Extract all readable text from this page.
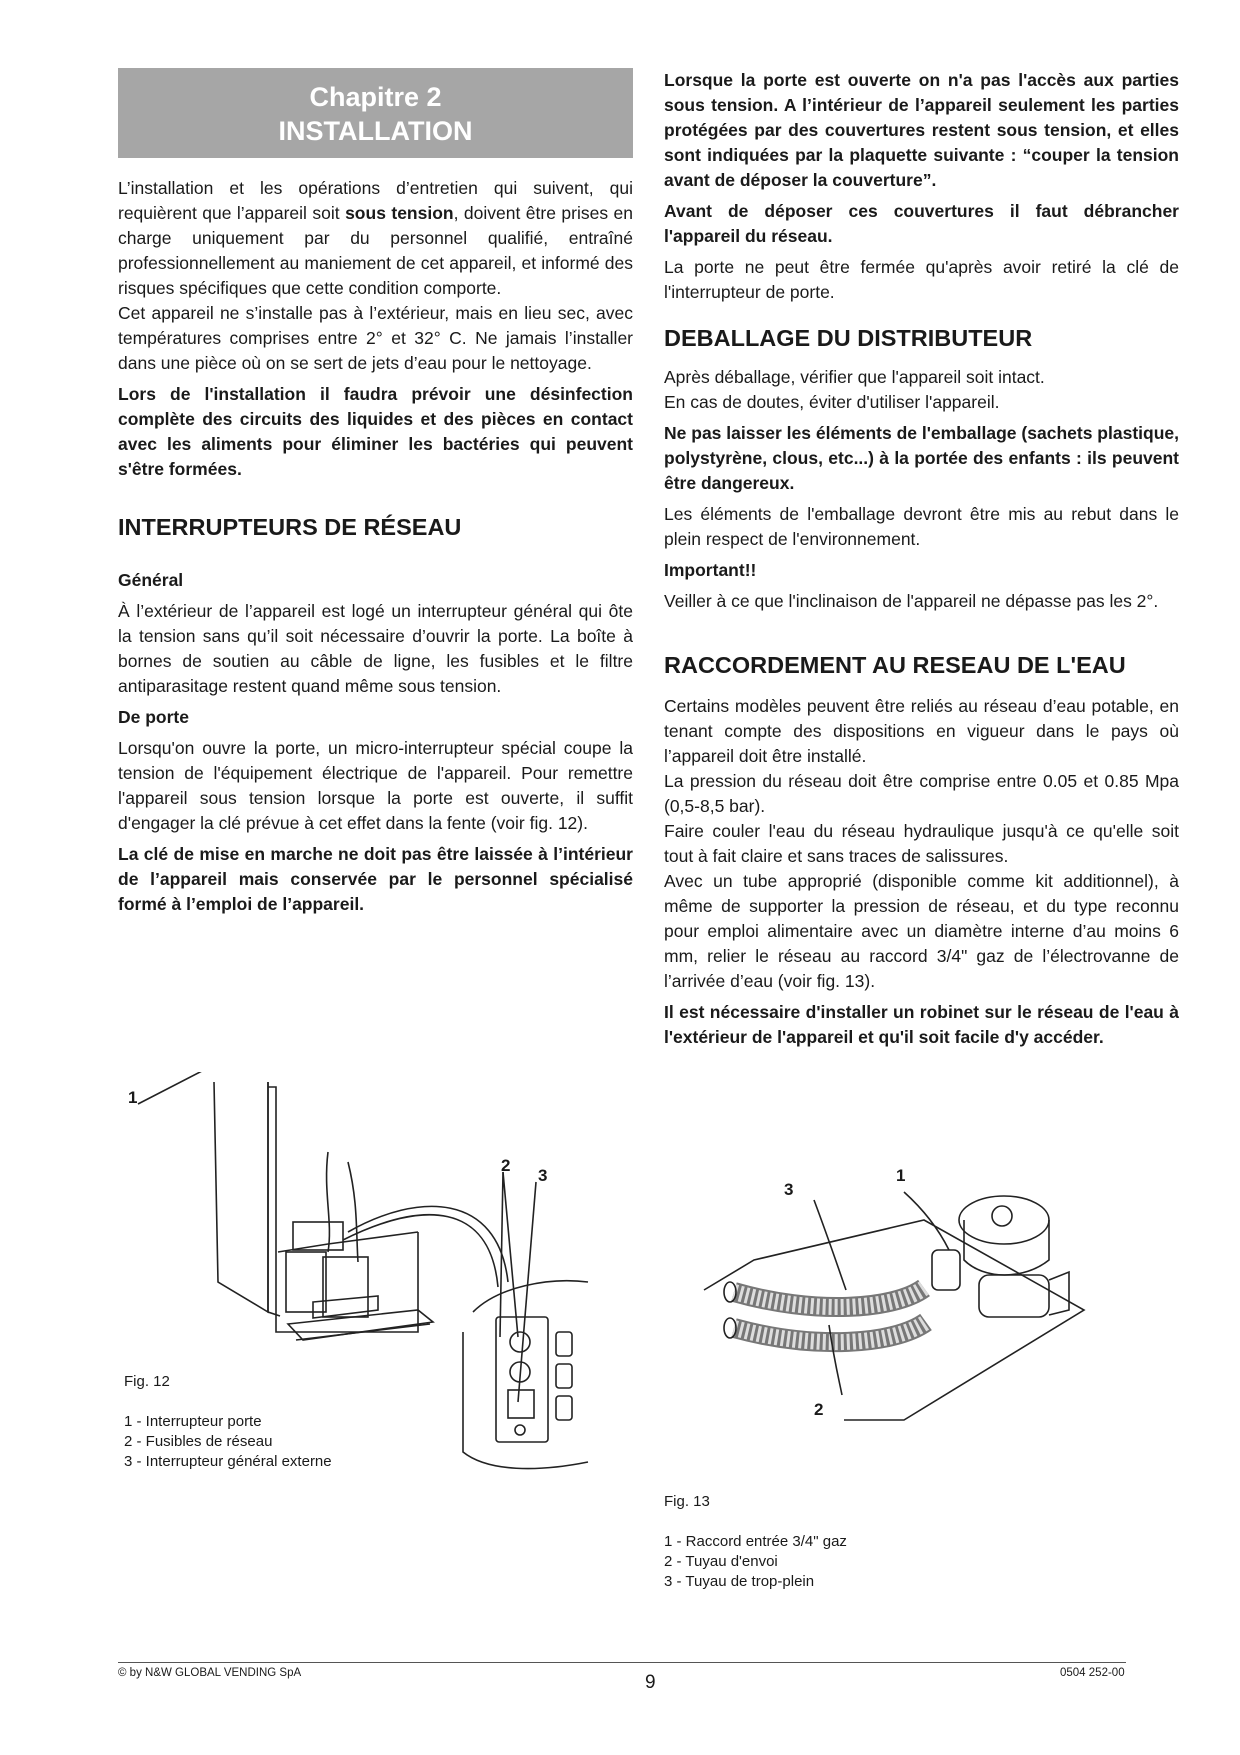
Chapitre 2
INSTALLATION

L’installation et les opérations d’entretien qui suivent, qui requièrent que l’appareil soit sous tension, doivent être prises en charge uniquement par du personnel qualifié, entraîné professionnellement au maniement de cet appareil, et informé des risques spécifiques que cette condition comporte.

Cet appareil ne s’installe pas à l’extérieur, mais en lieu sec, avec températures comprises entre 2° et 32° C. Ne jamais l’installer dans une pièce où on se sert de jets d’eau pour le nettoyage.

Lors de l'installation il faudra prévoir une désinfection complète des circuits des liquides et des pièces en contact avec les aliments pour éliminer les bactéries qui peuvent s'être formées.

INTERRUPTEURS DE RÉSEAU
Général

À l’extérieur de l’appareil est logé un interrupteur général qui ôte la tension sans qu’il soit nécessaire d’ouvrir la porte. La boîte à bornes de soutien au câble de ligne, les fusibles et le filtre antiparasitage restent quand même sous tension.

De porte

Lorsqu'on ouvre la porte, un micro-interrupteur spécial coupe la tension de l'équipement électrique de l'appareil. Pour remettre l'appareil sous tension lorsque la porte est ouverte, il suffit d'engager la clé prévue à cet effet dans la fente (voir fig. 12).

La clé de mise en marche ne doit pas être laissée à l’intérieur de l’appareil mais conservée par le personnel spécialisé formé à l’emploi de l’appareil.

Lorsque la porte est ouverte on n'a pas l'accès aux parties sous tension. A l’intérieur de l’appareil seulement les parties protégées par des couvertures restent sous tension, et elles sont indiquées par la plaquette suivante : “couper la tension avant de déposer la couverture”.

Avant de déposer ces couvertures il faut débrancher l'appareil du réseau.

La porte ne peut être fermée qu'après avoir retiré la clé de l'interrupteur de porte.

DEBALLAGE DU DISTRIBUTEUR

Après déballage, vérifier que l'appareil soit intact.

En cas de doutes, éviter d'utiliser l'appareil.

Ne pas laisser les éléments de l'emballage (sachets plastique, polystyrène, clous, etc...) à la portée des enfants : ils peuvent être dangereux.

Les éléments de l'emballage devront être mis au rebut dans le plein respect de l'environnement.

Important!!

Veiller à ce que l'inclinaison de l'appareil ne dépasse pas les 2°.

RACCORDEMENT AU RESEAU DE L'EAU

Certains modèles peuvent être reliés au réseau d’eau potable, en tenant compte des dispositions en vigueur dans le pays où l’appareil doit être installé.

La pression du réseau doit être comprise entre 0.05 et 0.85 Mpa (0,5-8,5 bar).

Faire couler l'eau du réseau hydraulique jusqu'à ce qu'elle soit tout à fait claire et sans traces de salissures.

Avec un tube approprié (disponible comme kit additionnel), à même de supporter la pression de réseau, et du type reconnu pour emploi alimentaire avec un diamètre interne d’au moins 6 mm, relier le réseau au raccord 3/4" gaz de l’électrovanne de l’arrivée d’eau (voir fig. 13).

Il est nécessaire d'installer un robinet sur le réseau de l'eau à l'extérieur de l'appareil et qu'il soit facile d'y accéder.

1
2
3
Fig. 12
1 - Interrupteur porte
2 - Fusibles de réseau
3 - Interrupteur général externe
3
1
2
Fig. 13
1 - Raccord entrée 3/4" gaz
2 - Tuyau d'envoi
3 - Tuyau de trop-plein
© by N&W GLOBAL VENDING SpA	9	0504 252-00
